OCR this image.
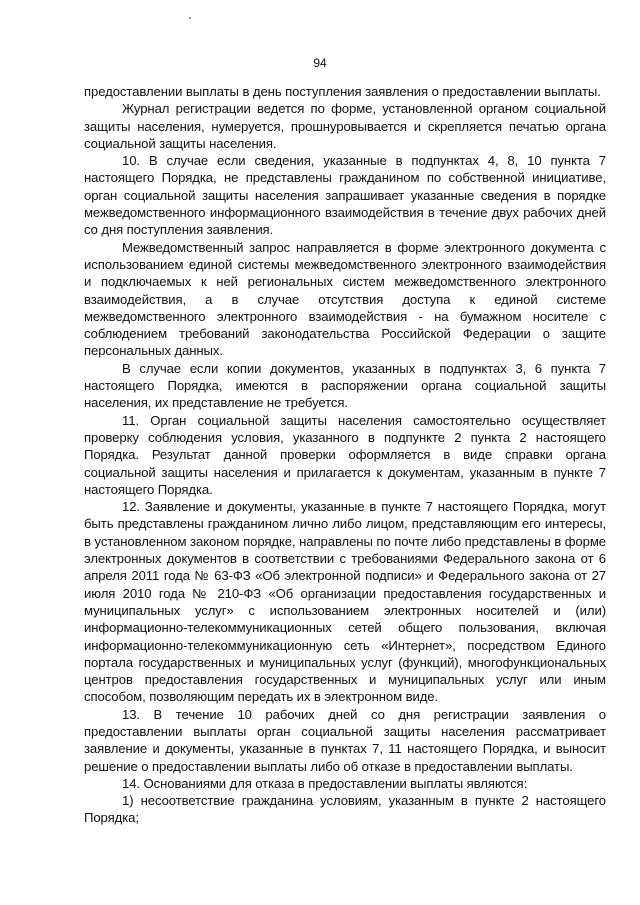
94

предоставлении выплаты в день поступления заявления о предоставлении выплаты.

Журнал регистрации ведется по форме, установленной органом социальной защиты населения, нумеруется, прошнуровывается и скрепляется печатью органа социальной защиты населения.

10. В случае если сведения, указанные в подпунктах 4, 8, 10 пункта 7 настоящего Порядка, не представлены гражданином по собственной инициативе, орган социальной защиты населения запрашивает указанные сведения в порядке межведомственного информационного взаимодействия в течение двух рабочих дней со дня поступления заявления.

Межведомственный запрос направляется в форме электронного документа с использованием единой системы межведомственного электронного взаимодействия и подключаемых к ней региональных систем межведомственного электронного взаимодействия, а в случае отсутствия доступа к единой системе межведомственного электронного взаимодействия - на бумажном носителе с соблюдением требований законодательства Российской Федерации о защите персональных данных.

В случае если копии документов, указанных в подпунктах 3, 6 пункта 7 настоящего Порядка, имеются в распоряжении органа социальной защиты населения, их представление не требуется.

11. Орган социальной защиты населения самостоятельно осуществляет проверку соблюдения условия, указанного в подпункте 2 пункта 2 настоящего Порядка. Результат данной проверки оформляется в виде справки органа социальной защиты населения и прилагается к документам, указанным в пункте 7 настоящего Порядка.

12. Заявление и документы, указанные в пункте 7 настоящего Порядка, могут быть представлены гражданином лично либо лицом, представляющим его интересы, в установленном законом порядке, направлены по почте либо представлены в форме электронных документов в соответствии с требованиями Федерального закона от 6 апреля 2011 года № 63-ФЗ «Об электронной подписи» и Федерального закона от 27 июля 2010 года № 210-ФЗ «Об организации предоставления государственных и муниципальных услуг» с использованием электронных носителей и (или) информационно-телекоммуникационных сетей общего пользования, включая информационно-телекоммуникационную сеть «Интернет», посредством Единого портала государственных и муниципальных услуг (функций), многофункциональных центров предоставления государственных и муниципальных услуг или иным способом, позволяющим передать их в электронном виде.

13. В течение 10 рабочих дней со дня регистрации заявления о предоставлении выплаты орган социальной защиты населения рассматривает заявление и документы, указанные в пунктах 7, 11 настоящего Порядка, и выносит решение о предоставлении выплаты либо об отказе в предоставлении выплаты.

14. Основаниями для отказа в предоставлении выплаты являются:

1) несоответствие гражданина условиям, указанным в пункте 2 настоящего Порядка;
